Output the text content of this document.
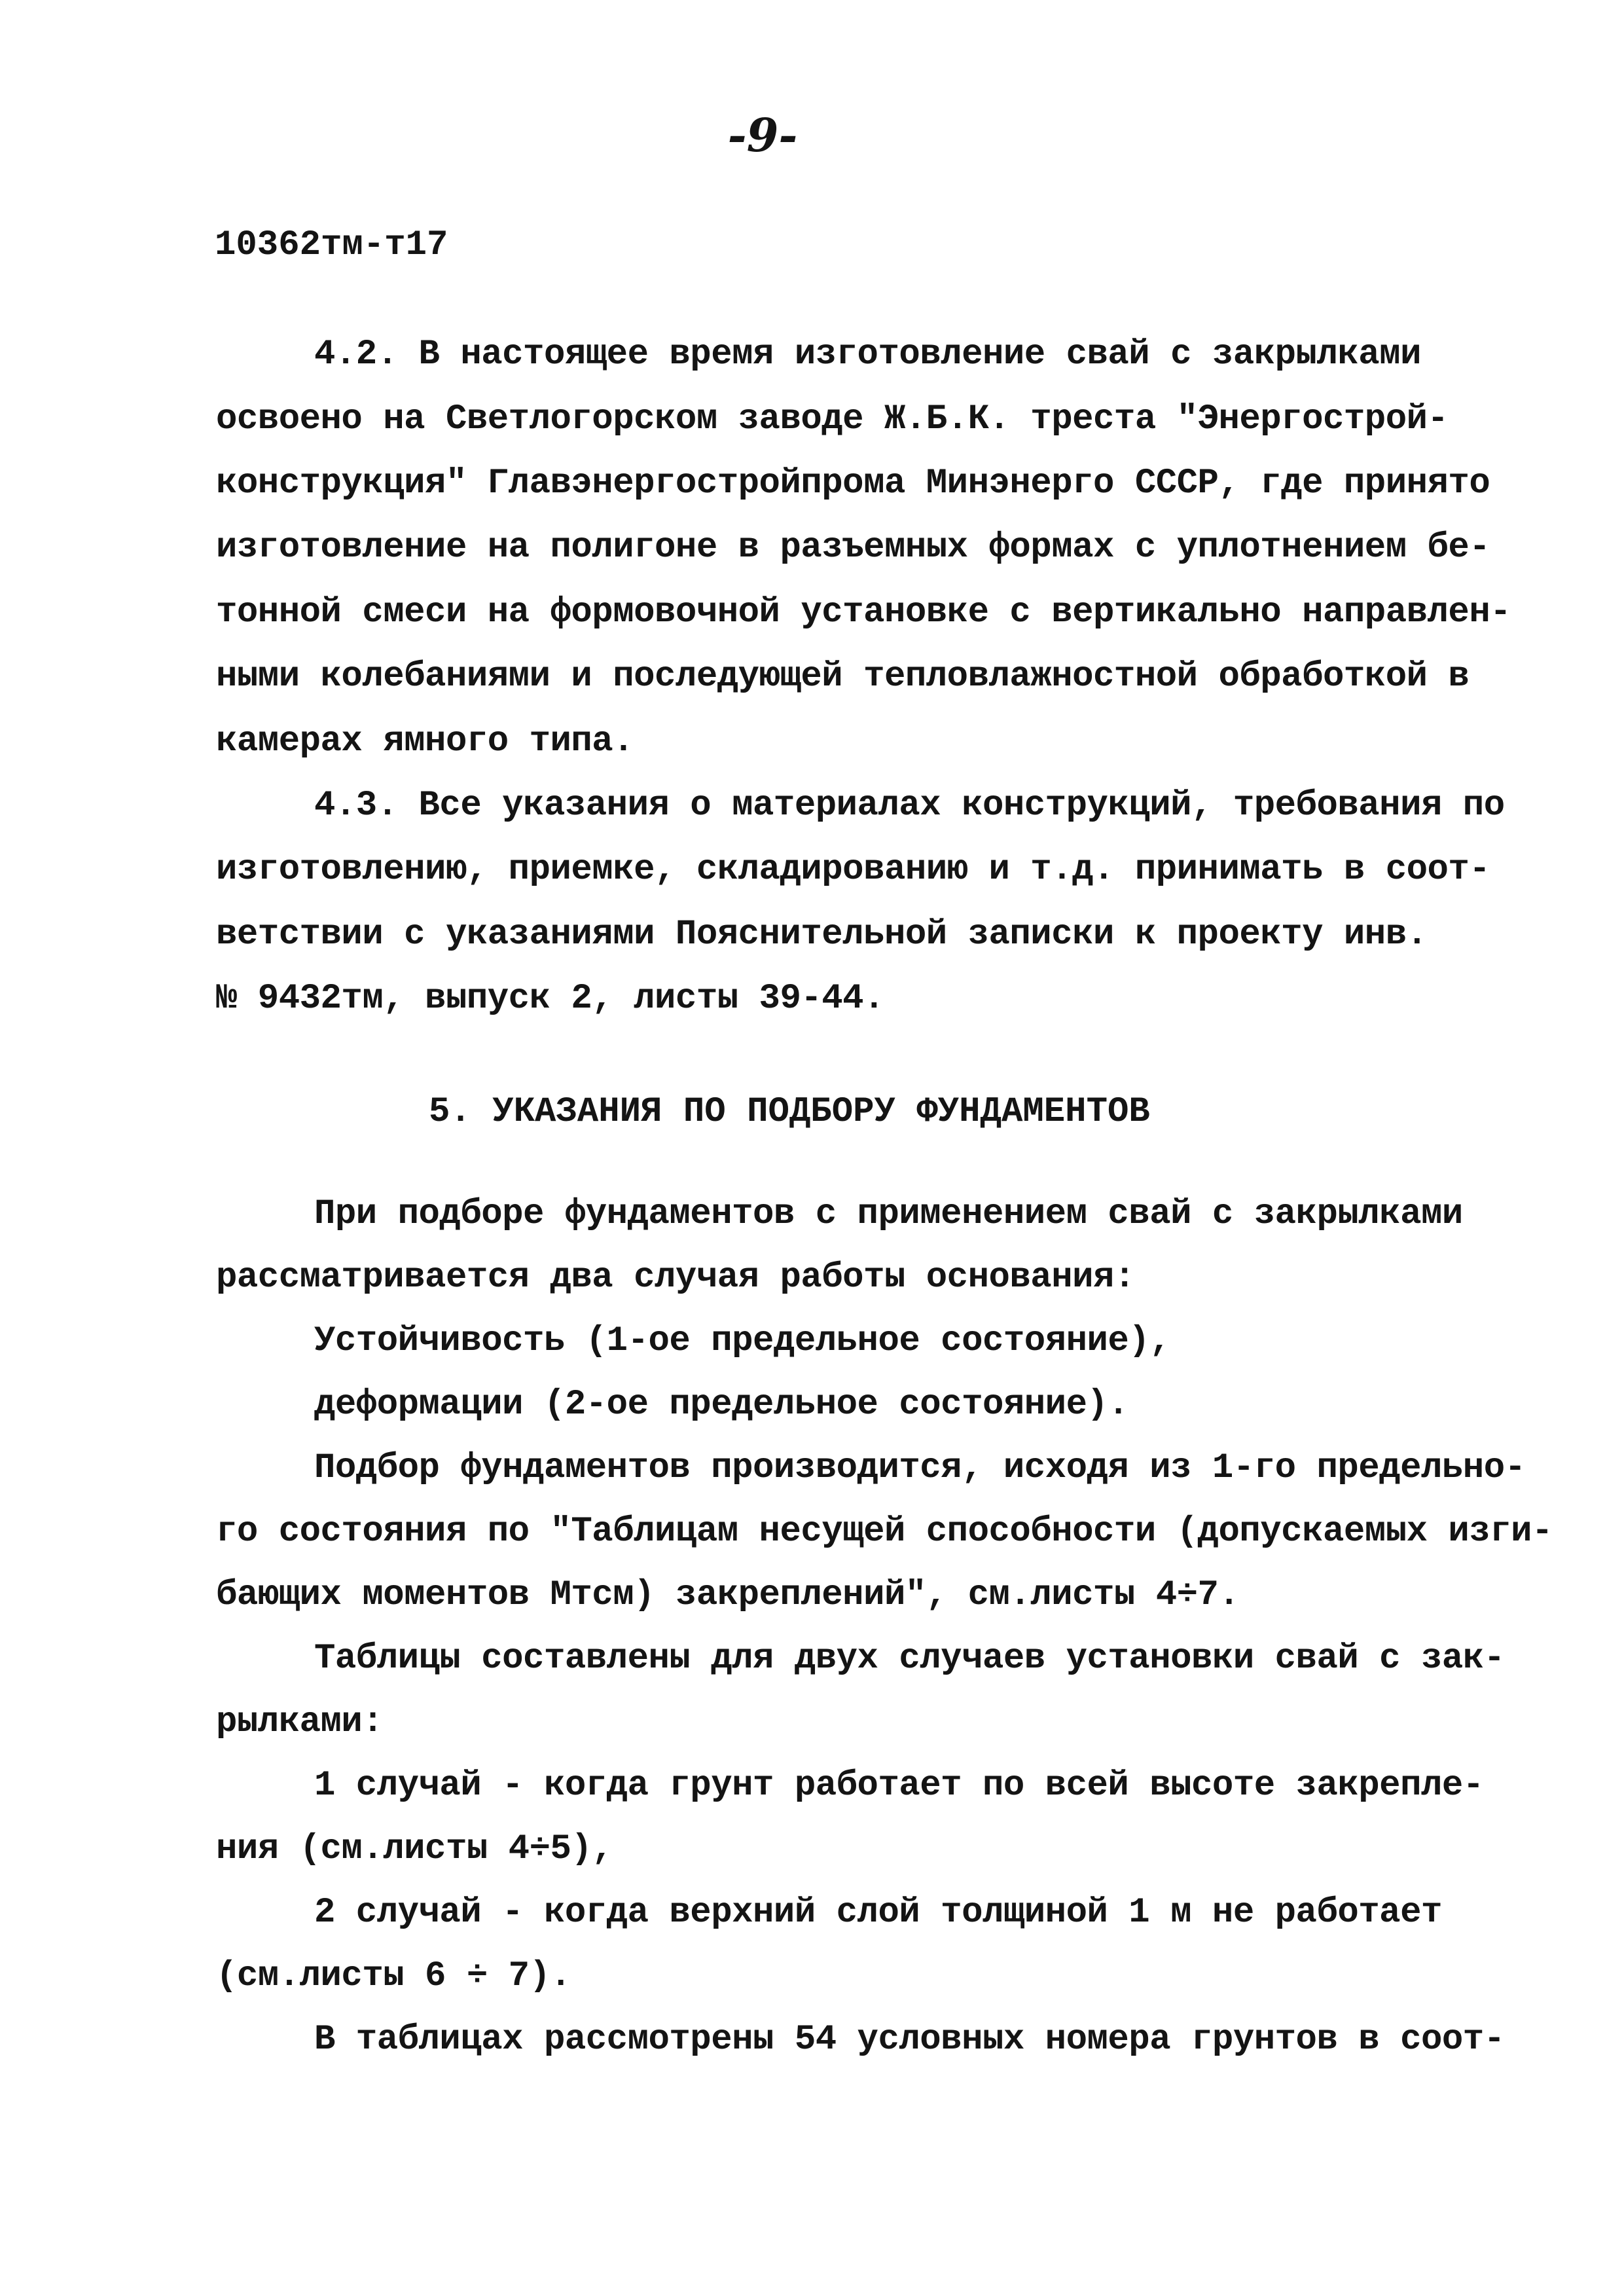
-9-
10362тм-т17
4.2. В настоящее время изготовление свай с закрылками
освоено на Светлогорском заводе Ж.Б.К. треста "Энергострой-
конструкция" Главэнергостройпрома Минэнерго СССР, где принято
изготовление на полигоне в разъемных формах с уплотнением бе-
тонной смеси на формовочной установке с вертикально направлен-
ными колебаниями и последующей тепловлажностной обработкой в
камерах ямного типа.
4.3. Все указания о материалах конструкций, требования по
изготовлению, приемке, складированию и т.д. принимать в соот-
ветствии с указаниями Пояснительной записки к проекту инв.
№ 9432тм, выпуск 2, листы 39-44.
5. УКАЗАНИЯ ПО ПОДБОРУ ФУНДАМЕНТОВ
При подборе фундаментов с применением свай с закрылками
рассматривается два случая работы основания:
Устойчивость (1-ое предельное состояние),
деформации (2-ое предельное состояние).
Подбор фундаментов производится, исходя из 1-го предельно-
го состояния по "Таблицам несущей способности (допускаемых изги-
бающих моментов Мтсм) закреплений", см.листы 4÷7.
Таблицы составлены для двух случаев установки свай с зак-
рылками:
1 случай - когда грунт работает по всей высоте закрепле-
ния (см.листы 4÷5),
2 случай - когда верхний слой толщиной 1 м не работает
(см.листы 6 ÷ 7).
В таблицах рассмотрены 54 условных номера грунтов в соот-
